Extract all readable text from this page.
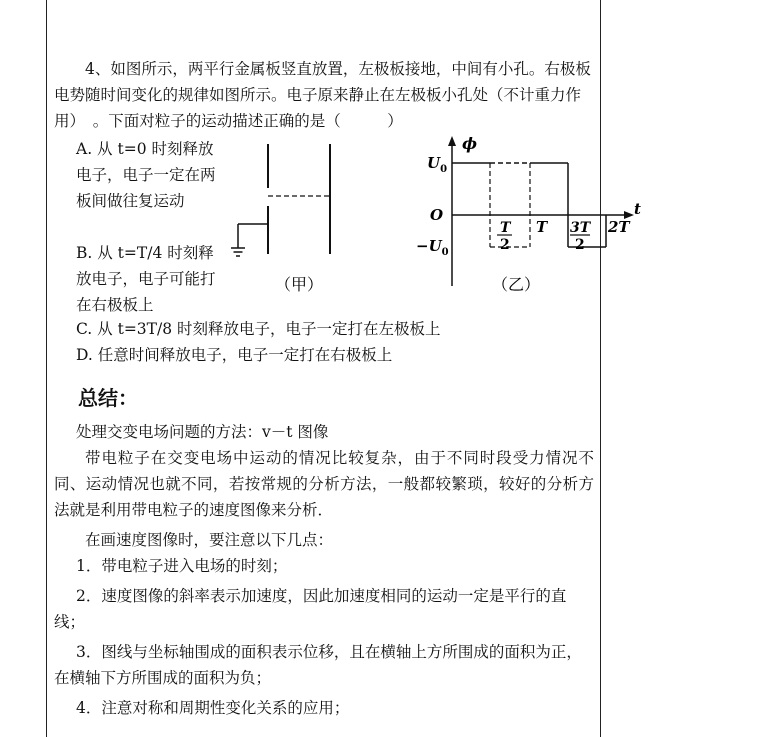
4、如图所示，两平行金属板竖直放置，左极板接地，中间有小孔。右极板电势随时间变化的规律如图所示。电子原来静止在左极板小孔处（不计重力作用）　。下面对粒子的运动描述正确的是（　　　）

A. 从 t=0 时刻释放电子，电子一定在两板间做往复运动
B. 从 t=T/4 时刻释放电子，电子可能打在右极板上
（甲）
ϕ
t
O
$U_0$
$-U_0$
T
2
T 3T
2
2T
（乙）

C. 从 t=3T/8 时刻释放电子，电子一定打在左极板上

D. 任意时间释放电子，电子一定打在右极板上

总结：

处理交变电场问题的方法：v－t 图像

带电粒子在交变电场中运动的情况比较复杂，由于不同时段受力情况不同、运动情况也就不同，若按常规的分析方法，一般都较繁琐，较好的分析方法就是利用带电粒子的速度图像来分析．

在画速度图像时，要注意以下几点：

1．带电粒子进入电场的时刻；

2．速度图像的斜率表示加速度，因此加速度相同的运动一定是平行的直线；

3．图线与坐标轴围成的面积表示位移，且在横轴上方所围成的面积为正，在横轴下方所围成的面积为负；

4．注意对称和周期性变化关系的应用；
